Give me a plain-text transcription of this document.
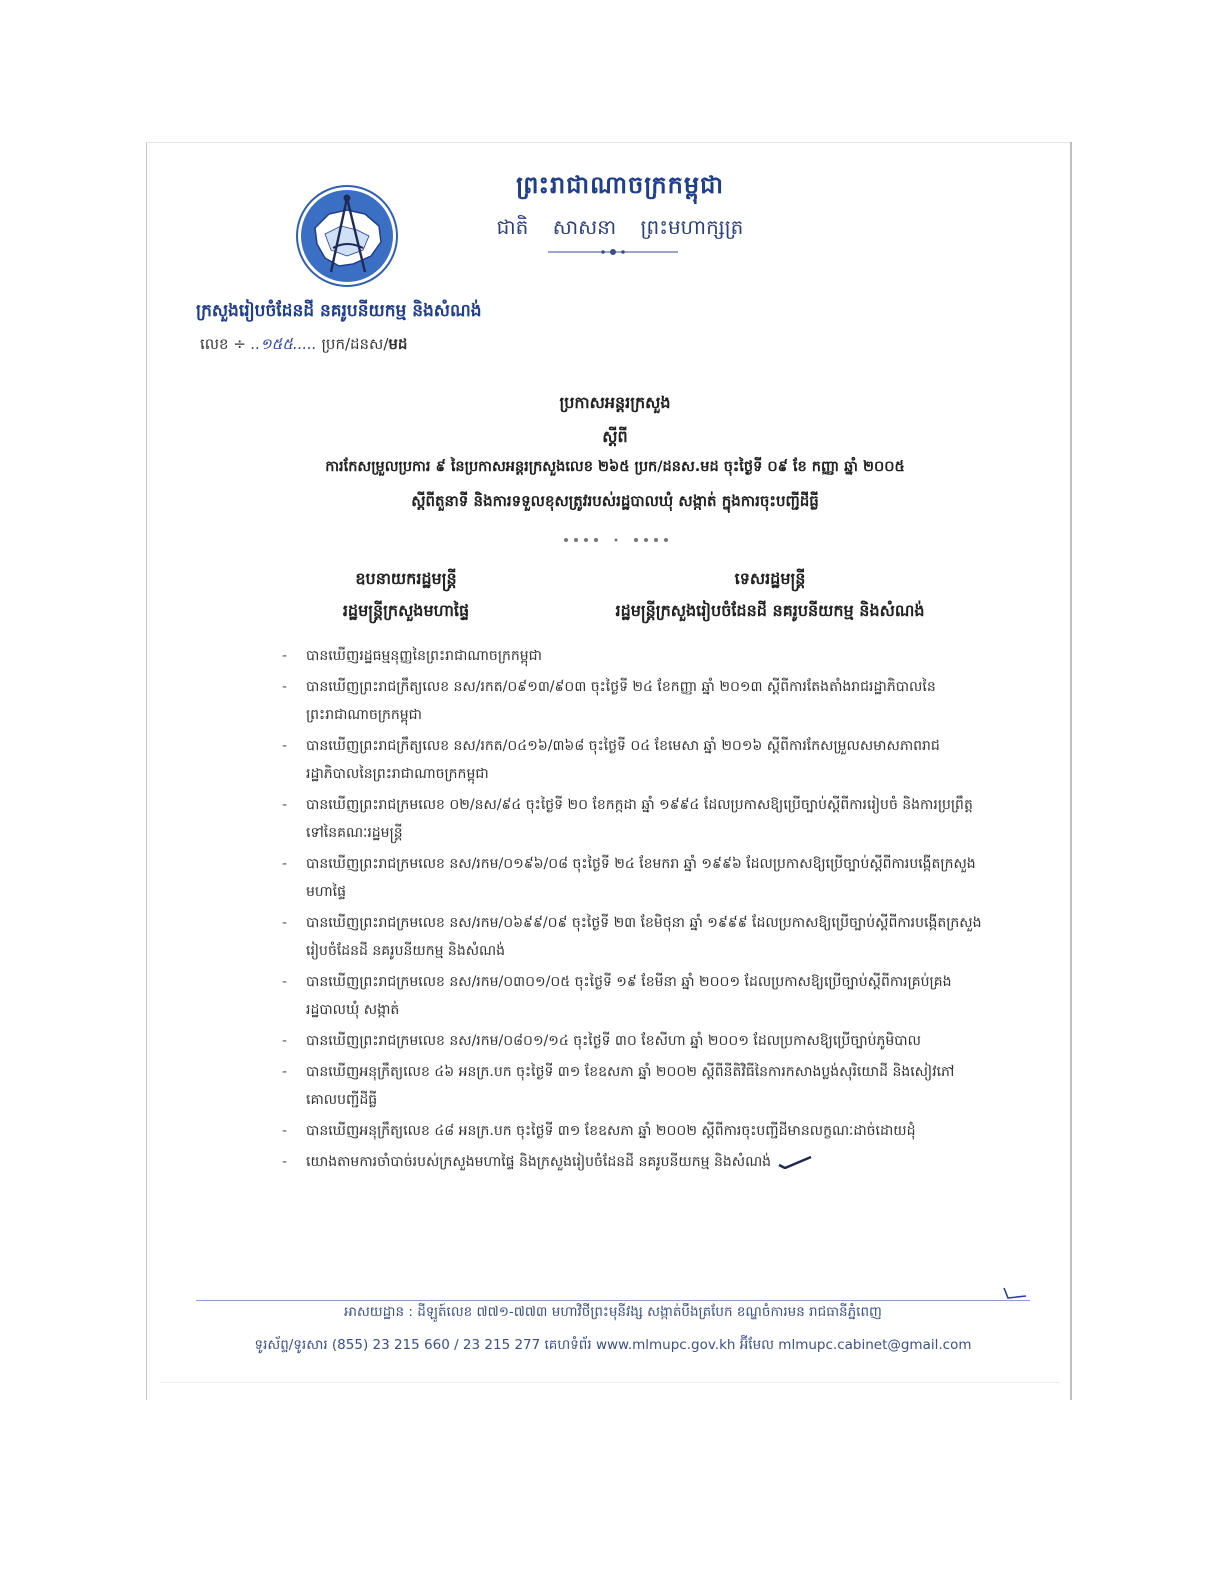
ព្រះរាជាណាចក្រកម្ពុជា
ជាតិ សាសនា ព្រះមហាក្សត្រ
ក្រសួងរៀបចំដែនដី នគរូបនីយកម្ម និងសំណង់
លេខ ÷ ..១៥៥..... ប្រក/ដនស/មដ
ប្រកាសអន្តរក្រសួង
ស្តីពី
ការកែសម្រួលប្រការ ៩ នៃប្រកាសអន្តរក្រសួងលេខ ២៦៥ ប្រក/ដនស.មដ ចុះថ្ងៃទី ០៩ ខែ កញ្ញា ឆ្នាំ ២០០៥
ស្តីពីតួនាទី និងការទទួលខុសត្រូវរបស់រដ្ឋបាលឃុំ សង្កាត់ ក្នុងការចុះបញ្ជីដីធ្លី
ឧបនាយករដ្ឋមន្ត្រី
រដ្ឋមន្ត្រីក្រសួងមហាផ្ទៃ
ទេសរដ្ឋមន្ត្រី
រដ្ឋមន្ត្រីក្រសួងរៀបចំដែនដី នគរូបនីយកម្ម និងសំណង់
- បានឃើញរដ្ឋធម្មនុញ្ញនៃព្រះរាជាណាចក្រកម្ពុជា
- បានឃើញព្រះរាជក្រឹត្យលេខ នស/រកត/០៩១៣/៩០៣ ចុះថ្ងៃទី ២៤ ខែកញ្ញា ឆ្នាំ ២០១៣ ស្តីពីការតែងតាំងរាជរដ្ឋាភិបាលនៃព្រះរាជាណាចក្រកម្ពុជា
- បានឃើញព្រះរាជក្រឹត្យលេខ នស/រកត/០៤១៦/៣៦៨ ចុះថ្ងៃទី ០៤ ខែមេសា ឆ្នាំ ២០១៦ ស្តីពីការកែសម្រួលសមាសភាពរាជរដ្ឋាភិបាលនៃព្រះរាជាណាចក្រកម្ពុជា
- បានឃើញព្រះរាជក្រមលេខ ០២/នស/៩៤ ចុះថ្ងៃទី ២០ ខែកក្កដា ឆ្នាំ ១៩៩៤ ដែលប្រកាសឱ្យប្រើច្បាប់ស្តីពីការរៀបចំ និងការប្រព្រឹត្តទៅនៃគណៈរដ្ឋមន្ត្រី
- បានឃើញព្រះរាជក្រមលេខ នស/រកម/០១៩៦/០៨ ចុះថ្ងៃទី ២៤ ខែមករា ឆ្នាំ ១៩៩៦ ដែលប្រកាសឱ្យប្រើច្បាប់ស្តីពីការបង្កើតក្រសួងមហាផ្ទៃ
- បានឃើញព្រះរាជក្រមលេខ នស/រកម/០៦៩៩/០៩ ចុះថ្ងៃទី ២៣ ខែមិថុនា ឆ្នាំ ១៩៩៩ ដែលប្រកាសឱ្យប្រើច្បាប់ស្តីពីការបង្កើតក្រសួងរៀបចំដែនដី នគរូបនីយកម្ម និងសំណង់
- បានឃើញព្រះរាជក្រមលេខ នស/រកម/០៣០១/០៥ ចុះថ្ងៃទី ១៩ ខែមីនា ឆ្នាំ ២០០១ ដែលប្រកាសឱ្យប្រើច្បាប់ស្តីពីការគ្រប់គ្រងរដ្ឋបាលឃុំ សង្កាត់
- បានឃើញព្រះរាជក្រមលេខ នស/រកម/០៨០១/១៤ ចុះថ្ងៃទី ៣០ ខែសីហា ឆ្នាំ ២០០១ ដែលប្រកាសឱ្យប្រើច្បាប់ភូមិបាល
- បានឃើញអនុក្រឹត្យលេខ ៤៦ អនក្រ.បក ចុះថ្ងៃទី ៣១ ខែឧសភា ឆ្នាំ ២០០២ ស្តីពីនីតិវិធីនៃការកសាងប្លង់សុរិយោដី និងសៀវភៅគោលបញ្ជីដីធ្លី
- បានឃើញអនុក្រឹត្យលេខ ៤៨ អនក្រ.បក ចុះថ្ងៃទី ៣១ ខែឧសភា ឆ្នាំ ២០០២ ស្តីពីការចុះបញ្ជីដីមានលក្ខណៈដាច់ដោយដុំ
- យោងតាមការចាំបាច់របស់ក្រសួងមហាផ្ទៃ និងក្រសួងរៀបចំដែនដី នគរូបនីយកម្ម និងសំណង់
អាសយដ្ឋាន : ដីឡូត៍លេខ ៧៧១-៧៧៣ មហាវិថីព្រះមុនីវង្ស សង្កាត់បឹងត្របែក ខណ្ឌចំការមន រាជធានីភ្នំពេញ
ទូរស័ព្ទ/ទូរសារ (855) 23 215 660 / 23 215 277 គេហទំព័រ www.mlmupc.gov.kh អ៊ីមែល mlmupc.cabinet@gmail.com
